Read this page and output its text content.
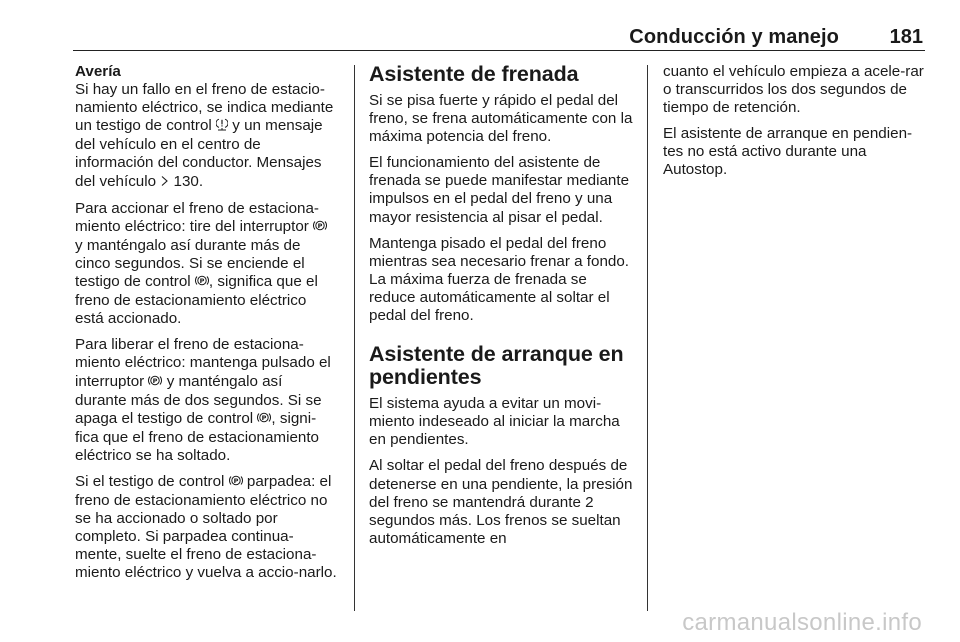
Conducción y manejo	181
Avería

Si hay un fallo en el freno de estacio-namiento eléctrico, se indica mediante un testigo de control y un mensaje del vehículo en el centro de información del conductor. Mensajes del vehículo 130.

Para accionar el freno de estaciona-miento eléctrico: tire del interruptor P
y manténgalo así durante más de cinco segundos. Si se enciende el testigo de control P , significa que el freno de estacionamiento eléctrico está accionado.

Para liberar el freno de estaciona-miento eléctrico: mantenga pulsado el interruptor P y manténgalo así durante más de dos segundos. Si se apaga el testigo de control P , signi-fica que el freno de estacionamiento eléctrico se ha soltado.

Si el testigo de control P parpadea: el freno de estacionamiento eléctrico no se ha accionado o soltado por completo. Si parpadea continua-mente, suelte el freno de estaciona-miento eléctrico y vuelva a accio-narlo.

Asistente de frenada

Si se pisa fuerte y rápido el pedal del freno, se frena automáticamente con la máxima potencia del freno.

El funcionamiento del asistente de frenada se puede manifestar mediante impulsos en el pedal del freno y una mayor resistencia al pisar el pedal.

Mantenga pisado el pedal del freno mientras sea necesario frenar a fondo. La máxima fuerza de frenada se reduce automáticamente al soltar el pedal del freno.

Asistente de arranque en pendientes

El sistema ayuda a evitar un movi-miento indeseado al iniciar la marcha en pendientes.

Al soltar el pedal del freno después de detenerse en una pendiente, la presión del freno se mantendrá durante 2 segundos más. Los frenos se sueltan automáticamente en

cuanto el vehículo empieza a acele-rar o transcurridos los dos segundos de tiempo de retención.

El asistente de arranque en pendien-tes no está activo durante una Autostop.

carmanualsonline.info
